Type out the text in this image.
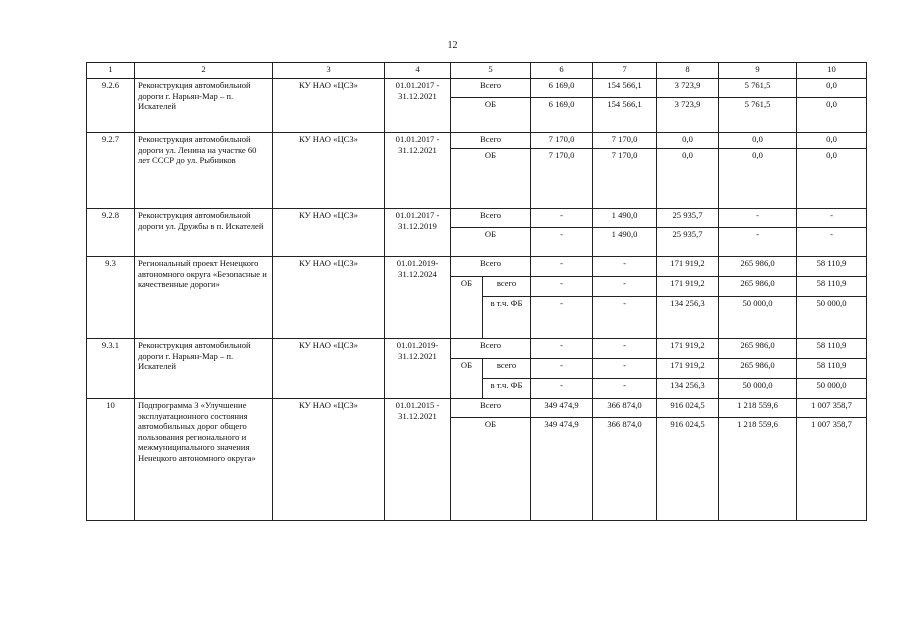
12
1	2	3	4	5		6	7	8	9	10
9.2.6	Реконструкция автомобильной дороги г. Нарьян-Мар – п. Искателей	КУ НАО «ЦСЗ»	01.01.2017 - 31.12.2021	Всего		6 169,0	154 566,1	3 723,9	5 761,5	0,0
				ОБ		6 169,0	154 566,1	3 723,9	5 761,5	0,0
9.2.7	Реконструкция автомобильной дороги ул. Ленина на участке 60 лет СССР до ул. Рыбников	КУ НАО «ЦСЗ»	01.01.2017 - 31.12.2021	Всего		7 170,0	7 170,0	0,0	0,0	0,0
				ОБ		7 170,0	7 170,0	0,0	0,0	0,0
9.2.8	Реконструкция автомобильной дороги ул. Дружбы в п. Искателей	КУ НАО «ЦСЗ»	01.01.2017 - 31.12.2019	Всего		-	1 490,0	25 935,7	-	-
				ОБ		-	1 490,0	25 935,7	-	-
9.3	Региональный проект Ненецкого автономного округа «Безопасные и качественные дороги»	КУ НАО «ЦСЗ»	01.01.2019- 31.12.2024	Всего		-	-	171 919,2	265 986,0	58 110,9
				ОБ	всего	-	-	171 919,2	265 986,0	58 110,9
					в т.ч. ФБ	-	-	134 256,3	50 000,0	50 000,0
9.3.1	Реконструкция автомобильной дороги г. Нарьян-Мар – п. Искателей	КУ НАО «ЦСЗ»	01.01.2019- 31.12.2021	Всего		-	-	171 919,2	265 986,0	58 110,9
				ОБ	всего	-	-	171 919,2	265 986,0	58 110,9
					в т.ч. ФБ	-	-	134 256,3	50 000,0	50 000,0
10	Подпрограмма 3 «Улучшение эксплуатационного состояния автомобильных дорог общего пользования регионального и межмуниципального значения Ненецкого автономного округа»	КУ НАО «ЦСЗ»	01.01.2015 - 31.12.2021	Всего		349 474,9	366 874,0	916 024,5	1 218 559,6	1 007 358,7
				ОБ		349 474,9	366 874,0	916 024,5	1 218 559,6	1 007 358,7
